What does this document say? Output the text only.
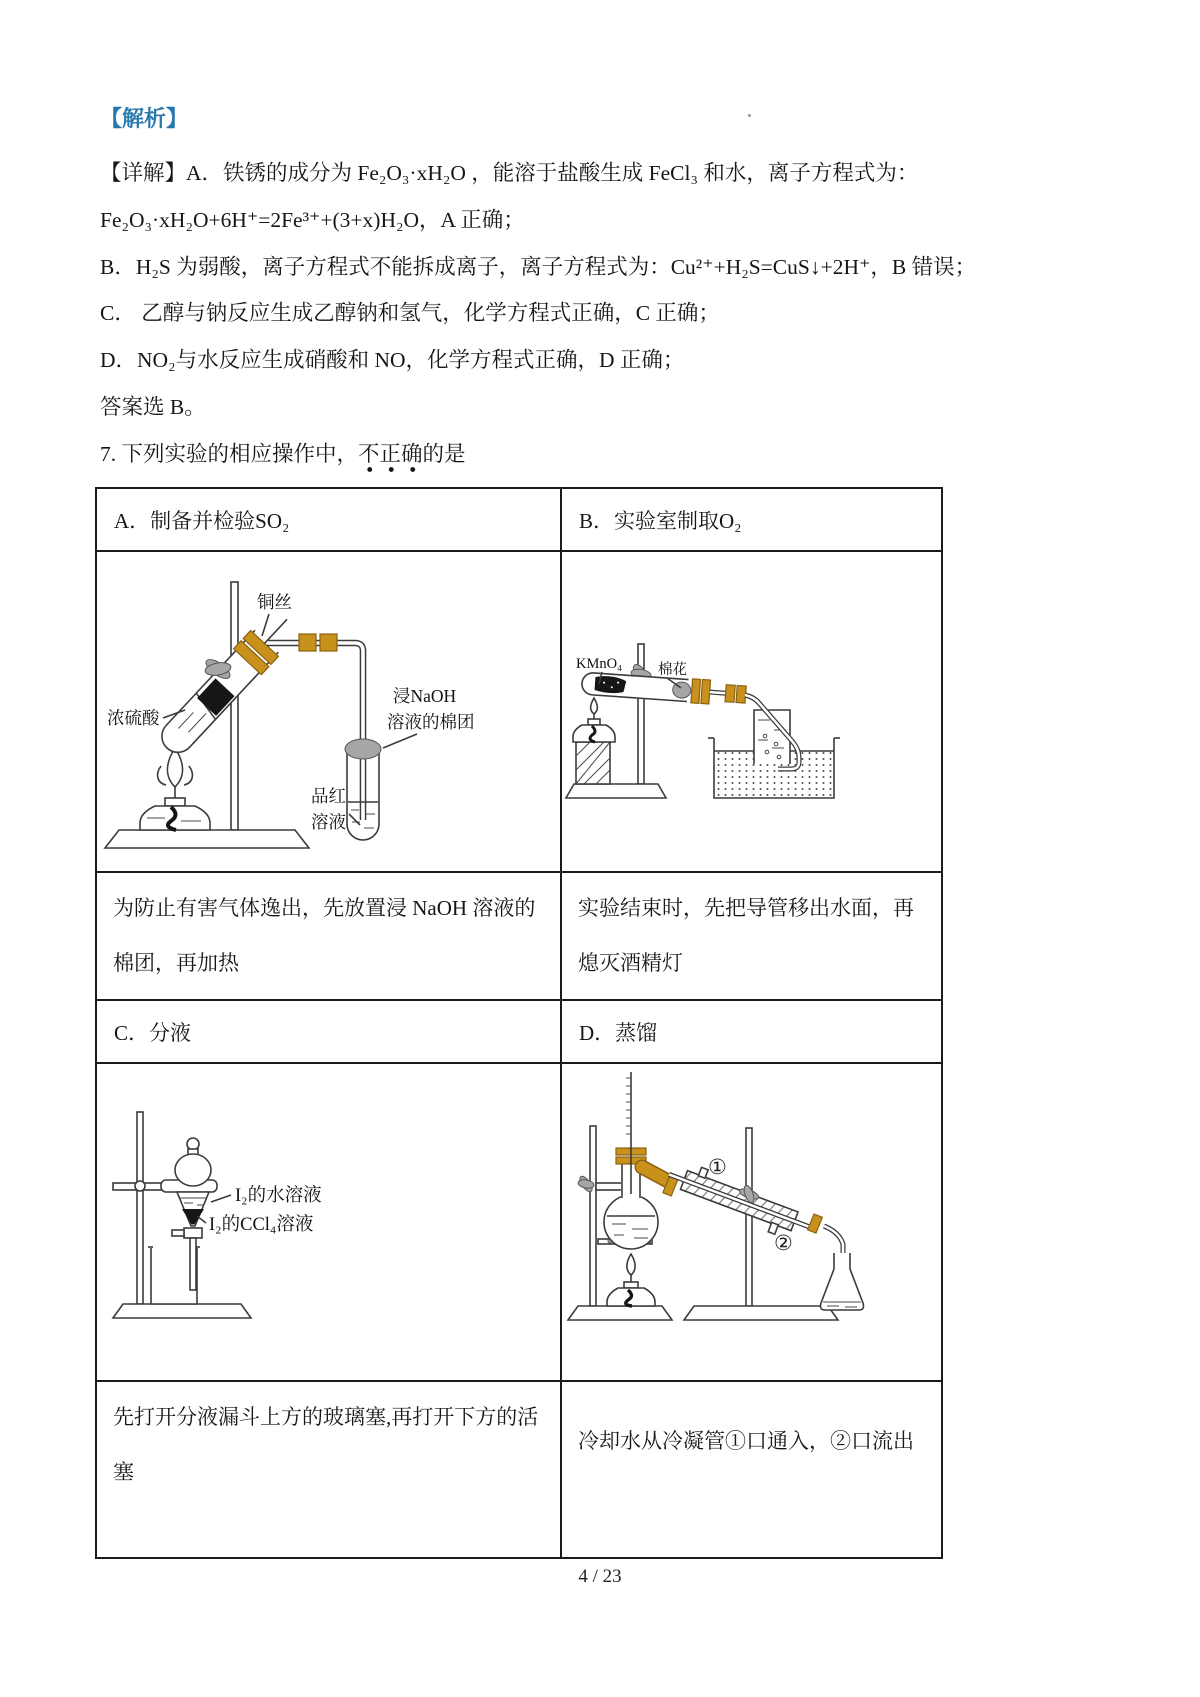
【解析】
【详解】A．铁锈的成分为 Fe₂O₃·xH₂O ，能溶于盐酸生成 FeCl₃ 和水，离子方程式为：
Fe₂O₃·xH₂O+6H⁺=2Fe³⁺+(3+x)H₂O，A 正确；
B．H₂S 为弱酸，离子方程式不能拆成离子，离子方程式为：Cu²⁺+H₂S=CuS↓+2H⁺，B 错误；
C． 乙醇与钠反应生成乙醇钠和氢气，化学方程式正确，C 正确；
D．NO₂与水反应生成硝酸和 NO，化学方程式正确，D 正确；
答案选 B。
7. 下列实验的相应操作中，不正确的是
A．制备并检验SO₂	B．实验室制取O₂

铜丝
浓硫酸
浸NaOH
溶液的棉团
品红
溶液

KMnO₄ 棉花

为防止有害气体逸出，先放置浸 NaOH 溶液的棉团，再加热	实验结束时，先把导管移出水面，再熄灭酒精灯
C．分液	D．蒸馏

I₂的水溶液
I₂的CCl₄溶液	①
②

先打开分液漏斗上方的玻璃塞,再打开下方的活塞	冷却水从冷凝管①口通入，②口流出
4 / 23
